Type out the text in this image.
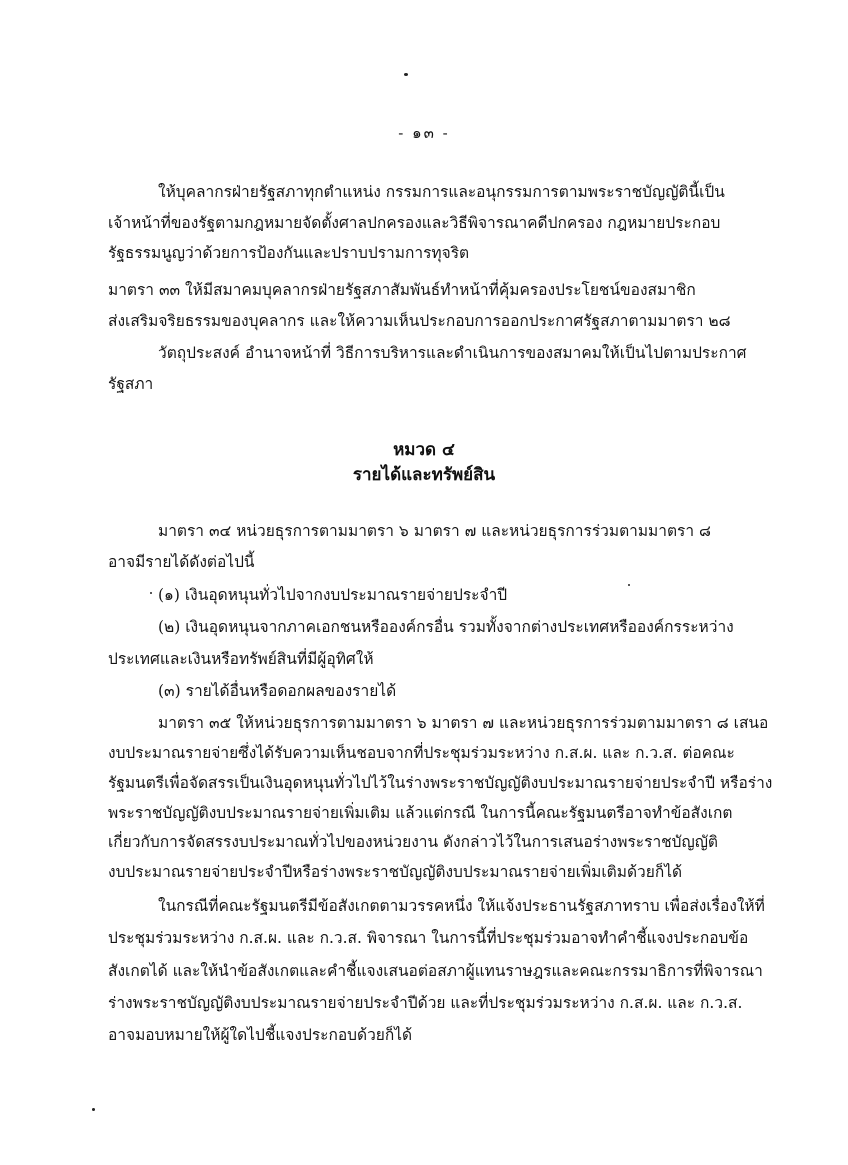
- ๑๓ -
ให้บุคลากรฝ่ายรัฐสภาทุกตำแหน่ง กรรมการและอนุกรรมการตามพระราชบัญญัตินี้เป็น
เจ้าหน้าที่ของรัฐตามกฎหมายจัดตั้งศาลปกครองและวิธีพิจารณาคดีปกครอง กฎหมายประกอบ
รัฐธรรมนูญว่าด้วยการป้องกันและปราบปรามการทุจริต
มาตรา ๓๓ ให้มีสมาคมบุคลากรฝ่ายรัฐสภาสัมพันธ์ทำหน้าที่คุ้มครองประโยชน์ของสมาชิก
ส่งเสริมจริยธรรมของบุคลากร และให้ความเห็นประกอบการออกประกาศรัฐสภาตามมาตรา ๒๘
วัตถุประสงค์ อำนาจหน้าที่ วิธีการบริหารและดำเนินการของสมาคมให้เป็นไปตามประกาศ
รัฐสภา
หมวด ๔
รายได้และทรัพย์สิน
มาตรา ๓๔ หน่วยธุรการตามมาตรา ๖ มาตรา ๗ และหน่วยธุรการร่วมตามมาตรา ๘
อาจมีรายได้ดังต่อไปนี้
(๑) เงินอุดหนุนทั่วไปจากงบประมาณรายจ่ายประจำปี
(๒) เงินอุดหนุนจากภาคเอกชนหรือองค์กรอื่น รวมทั้งจากต่างประเทศหรือองค์กรระหว่าง
ประเทศและเงินหรือทรัพย์สินที่มีผู้อุทิศให้
(๓) รายได้อื่นหรือดอกผลของรายได้
มาตรา ๓๕ ให้หน่วยธุรการตามมาตรา ๖ มาตรา ๗ และหน่วยธุรการร่วมตามมาตรา ๘ เสนอ
งบประมาณรายจ่ายซึ่งได้รับความเห็นชอบจากที่ประชุมร่วมระหว่าง ก.ส.ผ. และ ก.ว.ส. ต่อคณะ
รัฐมนตรีเพื่อจัดสรรเป็นเงินอุดหนุนทั่วไปไว้ในร่างพระราชบัญญัติงบประมาณรายจ่ายประจำปี หรือร่าง
พระราชบัญญัติงบประมาณรายจ่ายเพิ่มเติม แล้วแต่กรณี ในการนี้คณะรัฐมนตรีอาจทำข้อสังเกต
เกี่ยวกับการจัดสรรงบประมาณทั่วไปของหน่วยงาน ดังกล่าวไว้ในการเสนอร่างพระราชบัญญัติ
งบประมาณรายจ่ายประจำปีหรือร่างพระราชบัญญัติงบประมาณรายจ่ายเพิ่มเติมด้วยก็ได้
ในกรณีที่คณะรัฐมนตรีมีข้อสังเกตตามวรรคหนึ่ง ให้แจ้งประธานรัฐสภาทราบ เพื่อส่งเรื่องให้ที่
ประชุมร่วมระหว่าง ก.ส.ผ. และ ก.ว.ส. พิจารณา ในการนี้ที่ประชุมร่วมอาจทำคำชี้แจงประกอบข้อ
สังเกตได้ และให้นำข้อสังเกตและคำชี้แจงเสนอต่อสภาผู้แทนราษฎรและคณะกรรมาธิการที่พิจารณา
ร่างพระราชบัญญัติงบประมาณรายจ่ายประจำปีด้วย และที่ประชุมร่วมระหว่าง ก.ส.ผ. และ ก.ว.ส.
อาจมอบหมายให้ผู้ใดไปชี้แจงประกอบด้วยก็ได้
